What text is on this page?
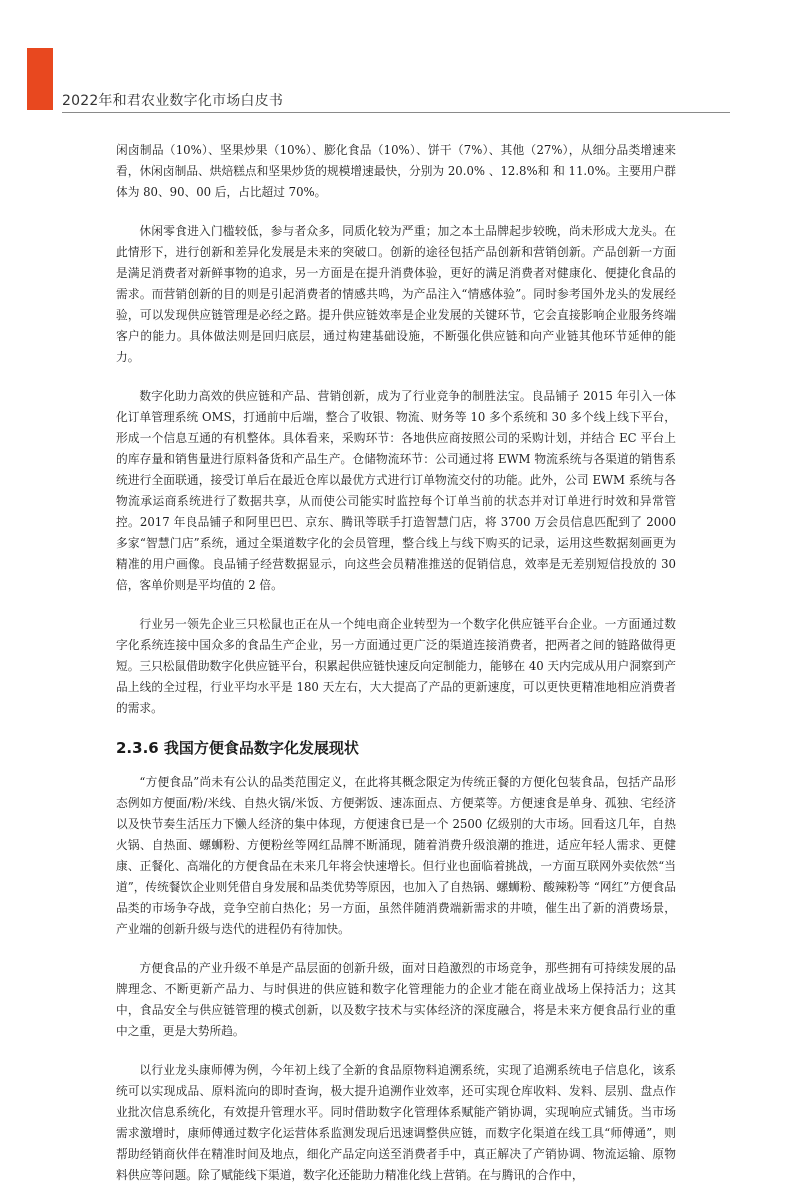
2022年和君农业数字化市场白皮书

闲卤制品（10%）、坚果炒果（10%）、膨化食品（10%）、饼干（7%）、其他（27%），从细分品类增速来看，休闲卤制品、烘焙糕点和坚果炒货的规模增速最快，分别为 20.0% 、12.8%和 和 11.0%。主要用户群体为 80、90、00 后，占比超过 70%。

休闲零食进入门槛较低，参与者众多，同质化较为严重；加之本土品牌起步较晚，尚未形成大龙头。在此情形下，进行创新和差异化发展是未来的突破口。创新的途径包括产品创新和营销创新。产品创新一方面是满足消费者对新鲜事物的追求，另一方面是在提升消费体验，更好的满足消费者对健康化、便捷化食品的需求。而营销创新的目的则是引起消费者的情感共鸣，为产品注入“情感体验”。同时参考国外龙头的发展经验，可以发现供应链管理是必经之路。提升供应链效率是企业发展的关键环节，它会直接影响企业服务终端客户的能力。具体做法则是回归底层，通过构建基础设施，不断强化供应链和向产业链其他环节延伸的能力。

数字化助力高效的供应链和产品、营销创新，成为了行业竞争的制胜法宝。良品铺子 2015 年引入一体化订单管理系统 OMS，打通前中后端，整合了收银、物流、财务等 10 多个系统和 30 多个线上线下平台，形成一个信息互通的有机整体。具体看来，采购环节：各地供应商按照公司的采购计划，并结合 EC 平台上的库存量和销售量进行原料备货和产品生产。仓储物流环节：公司通过将 EWM 物流系统与各渠道的销售系统进行全面联通，接受订单后在最近仓库以最优方式进行订单物流交付的功能。此外，公司 EWM 系统与各物流承运商系统进行了数据共享，从而使公司能实时监控每个订单当前的状态并对订单进行时效和异常管控。2017 年良品铺子和阿里巴巴、京东、腾讯等联手打造智慧门店，将 3700 万会员信息匹配到了 2000 多家“智慧门店”系统，通过全渠道数字化的会员管理，整合线上与线下购买的记录，运用这些数据刻画更为精准的用户画像。良品铺子经营数据显示，向这些会员精准推送的促销信息，效率是无差别短信投放的 30 倍，客单价则是平均值的 2 倍。

行业另一领先企业三只松鼠也正在从一个纯电商企业转型为一个数字化供应链平台企业。一方面通过数字化系统连接中国众多的食品生产企业，另一方面通过更广泛的渠道连接消费者，把两者之间的链路做得更短。三只松鼠借助数字化供应链平台，积累起供应链快速反向定制能力，能够在 40 天内完成从用户洞察到产品上线的全过程，行业平均水平是 180 天左右，大大提高了产品的更新速度，可以更快更精准地相应消费者的需求。

2.3.6 我国方便食品数字化发展现状

“方便食品”尚未有公认的品类范围定义，在此将其概念限定为传统正餐的方便化包装食品，包括产品形态例如方便面/粉/米线、自热火锅/米饭、方便粥饭、速冻面点、方便菜等。方便速食是单身、孤独、宅经济以及快节奏生活压力下懒人经济的集中体现，方便速食已是一个 2500 亿级别的大市场。回看这几年，自热火锅、自热面、螺蛳粉、方便粉丝等网红品牌不断涌现，随着消费升级浪潮的推进，适应年轻人需求、更健康、正餐化、高端化的方便食品在未来几年将会快速增长。但行业也面临着挑战，一方面互联网外卖依然“当道”，传统餐饮企业则凭借自身发展和品类优势等原因，也加入了自热锅、螺蛳粉、酸辣粉等 “网红”方便食品品类的市场争夺战，竞争空前白热化；另一方面，虽然伴随消费端新需求的井喷，催生出了新的消费场景，产业端的创新升级与迭代的进程仍有待加快。

方便食品的产业升级不单是产品层面的创新升级，面对日趋激烈的市场竞争，那些拥有可持续发展的品牌理念、不断更新产品力、与时俱进的供应链和数字化管理能力的企业才能在商业战场上保持活力；这其中，食品安全与供应链管理的模式创新，以及数字技术与实体经济的深度融合，将是未来方便食品行业的重中之重，更是大势所趋。

以行业龙头康师傅为例，今年初上线了全新的食品原物料追溯系统，实现了追溯系统电子信息化，该系统可以实现成品、原料流向的即时查询，极大提升追溯作业效率，还可实现仓库收料、发料、层别、盘点作业批次信息系统化，有效提升管理水平。同时借助数字化管理体系赋能产销协调，实现响应式铺货。当市场需求激增时，康师傅通过数字化运营体系监测发现后迅速调整供应链，而数字化渠道在线工具“师傅通”，则帮助经销商伙伴在精准时间及地点，细化产品定向送至消费者手中，真正解决了产销协调、物流运输、原物料供应等问题。除了赋能线下渠道，数字化还能助力精准化线上营销。在与腾讯的合作中，
